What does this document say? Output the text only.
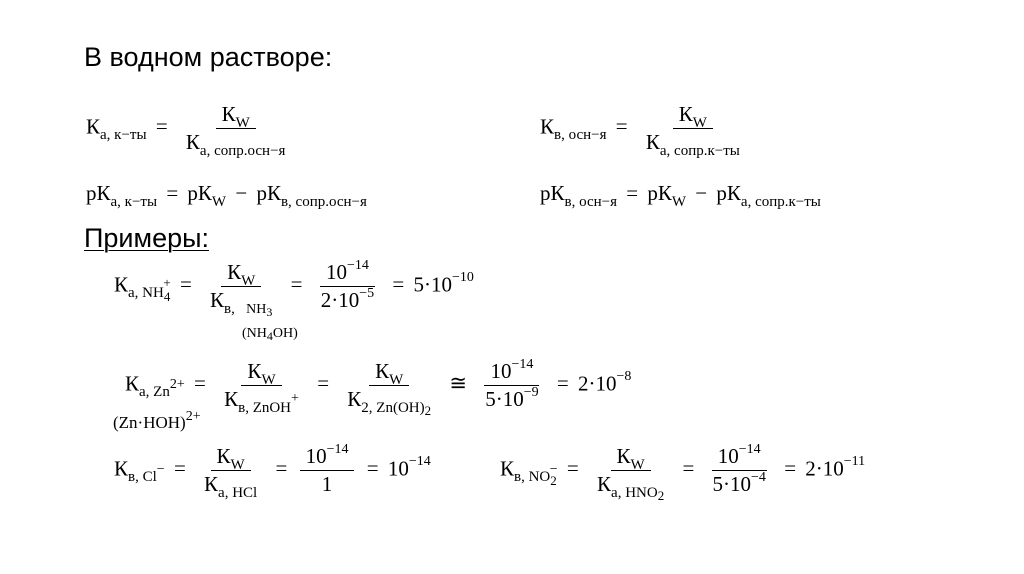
В водном растворе:
$К_{а, к-ты} = \frac{К_W}{К_{а, сопр.осн-я}}$	$К_{в, осн-я} = \frac{К_W}{К_{а, сопр.к-ты}}$
$pК_{а, к-ты} = pК_W - pК_{в, сопр.осн-я}$	$pК_{в, осн-я} = pК_W - pК_{а, сопр.к-ты}$
Примеры:
$К_{а, NH4}+ = \frac{К_W}{К_{в,} _{NH3}} = \frac{10^{-14}}{2\cdot 10^{-5}} = 5\cdot 10^{-10}$
(NH4OH)
$К_{а, Zn}2+ = \frac{К_W}{К_{в, ZnOH}+} = \frac{К_W}{К_{2, Zn(OH)2}}$ ≅ $\frac{10^{-14}}{5\cdot 10^{-9}} = 2\cdot 10^{-8}$
$(Zn\cdot HOH)^{2+}$
$К_{в, Cl}- = \frac{К_W}{К_{а, HCl}} = \frac{10^{-14}}{1} = 10^{-14}$	$К_{в, NO2}- = \frac{К_W}{К_{а, HNO2}} = \frac{10^{-14}}{5\cdot 10^{-4}} = 2\cdot 10^{-11}$
